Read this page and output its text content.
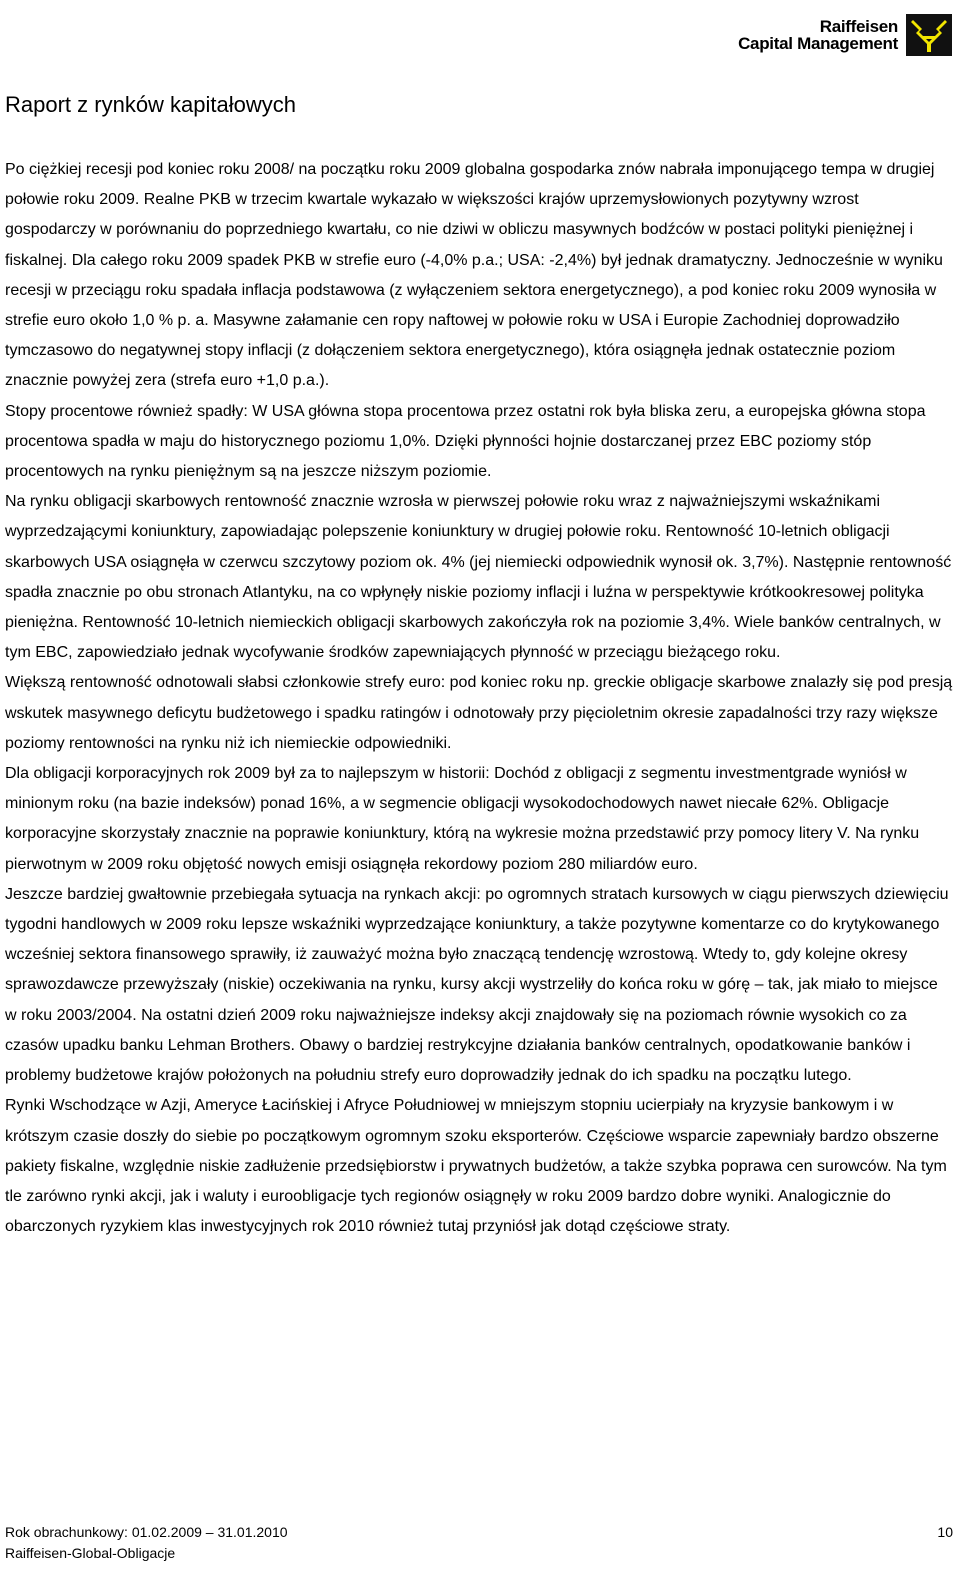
Raiffeisen
Capital Management
Raport z rynków kapitałowych

Po ciężkiej recesji pod koniec roku 2008/ na początku roku 2009 globalna gospodarka znów nabrała imponującego tempa w drugiej połowie roku 2009. Realne PKB w trzecim kwartale wykazało w większości krajów uprzemysłowionych pozytywny wzrost gospodarczy w porównaniu do poprzedniego kwartału, co nie dziwi w obliczu masywnych bodźców w postaci polityki pieniężnej i fiskalnej. Dla całego roku 2009 spadek PKB w strefie euro (-4,0% p.a.; USA: -2,4%) był jednak dramatyczny. Jednocześnie w wyniku recesji w przeciągu roku spadała inflacja podstawowa (z wyłączeniem sektora energetycznego), a pod koniec roku 2009 wynosiła w strefie euro około 1,0 % p. a. Masywne załamanie cen ropy naftowej w połowie roku w USA i Europie Zachodniej doprowadziło tymczasowo do negatywnej stopy inflacji (z dołączeniem sektora energetycznego), która osiągnęła jednak ostatecznie poziom znacznie powyżej zera (strefa euro +1,0 p.a.).

Stopy procentowe również spadły: W USA główna stopa procentowa przez ostatni rok była bliska zeru, a europejska główna stopa procentowa spadła w maju do historycznego poziomu 1,0%. Dzięki płynności hojnie dostarczanej przez EBC poziomy stóp procentowych na rynku pieniężnym są na jeszcze niższym poziomie.

Na rynku obligacji skarbowych rentowność znacznie wzrosła w pierwszej połowie roku wraz z najważniejszymi wskaźnikami wyprzedzającymi koniunktury, zapowiadając polepszenie koniunktury w drugiej połowie roku. Rentowność 10-letnich obligacji skarbowych USA osiągnęła w czerwcu szczytowy poziom ok. 4% (jej niemiecki odpowiednik wynosił ok. 3,7%). Następnie rentowność spadła znacznie po obu stronach Atlantyku, na co wpłynęły niskie poziomy inflacji i luźna w perspektywie krótkookresowej polityka pieniężna. Rentowność 10-letnich niemieckich obligacji skarbowych zakończyła rok na poziomie 3,4%. Wiele banków centralnych, w tym EBC, zapowiedziało jednak wycofywanie środków zapewniających płynność w przeciągu bieżącego roku.

Większą rentowność odnotowali słabsi członkowie strefy euro: pod koniec roku np. greckie obligacje skarbowe znalazły się pod presją wskutek masywnego deficytu budżetowego i spadku ratingów i odnotowały przy pięcioletnim okresie zapadalności trzy razy większe poziomy rentowności na rynku niż ich niemieckie odpowiedniki.

Dla obligacji korporacyjnych rok 2009 był za to najlepszym w historii: Dochód z obligacji z segmentu investmentgrade wyniósł w minionym roku (na bazie indeksów) ponad 16%, a w segmencie obligacji wysokodochodowych nawet niecałe 62%. Obligacje korporacyjne skorzystały znacznie na poprawie koniunktury, którą na wykresie można przedstawić przy pomocy litery V. Na rynku pierwotnym w 2009 roku objętość nowych emisji osiągnęła rekordowy poziom 280 miliardów euro.

Jeszcze bardziej gwałtownie przebiegała sytuacja na rynkach akcji: po ogromnych stratach kursowych w ciągu pierwszych dziewięciu tygodni handlowych w 2009 roku lepsze wskaźniki wyprzedzające koniunktury, a także pozytywne komentarze co do krytykowanego wcześniej sektora finansowego sprawiły, iż zauważyć można było znaczącą tendencję wzrostową. Wtedy to, gdy kolejne okresy sprawozdawcze przewyższały (niskie) oczekiwania na rynku, kursy akcji wystrzeliły do końca roku w górę – tak, jak miało to miejsce w roku 2003/2004. Na ostatni dzień 2009 roku najważniejsze indeksy akcji znajdowały się na poziomach równie wysokich co za czasów upadku banku Lehman Brothers. Obawy o bardziej restrykcyjne działania banków centralnych, opodatkowanie banków i problemy budżetowe krajów położonych na południu strefy euro doprowadziły jednak do ich spadku na początku lutego.

Rynki Wschodzące w Azji, Ameryce Łacińskiej i Afryce Południowej w mniejszym stopniu ucierpiały na kryzysie bankowym i w krótszym czasie doszły do siebie po początkowym ogromnym szoku eksporterów. Częściowe wsparcie zapewniały bardzo obszerne pakiety fiskalne, względnie niskie zadłużenie przedsiębiorstw i prywatnych budżetów, a także szybka poprawa cen surowców. Na tym tle zarówno rynki akcji, jak i waluty i euroobligacje tych regionów osiągnęły w roku 2009 bardzo dobre wyniki. Analogicznie do obarczonych ryzykiem klas inwestycyjnych rok 2010 również tutaj przyniósł jak dotąd częściowe straty.

Rok obrachunkowy: 01.02.2009 – 31.01.2010	10
Raiffeisen-Global-Obligacje
